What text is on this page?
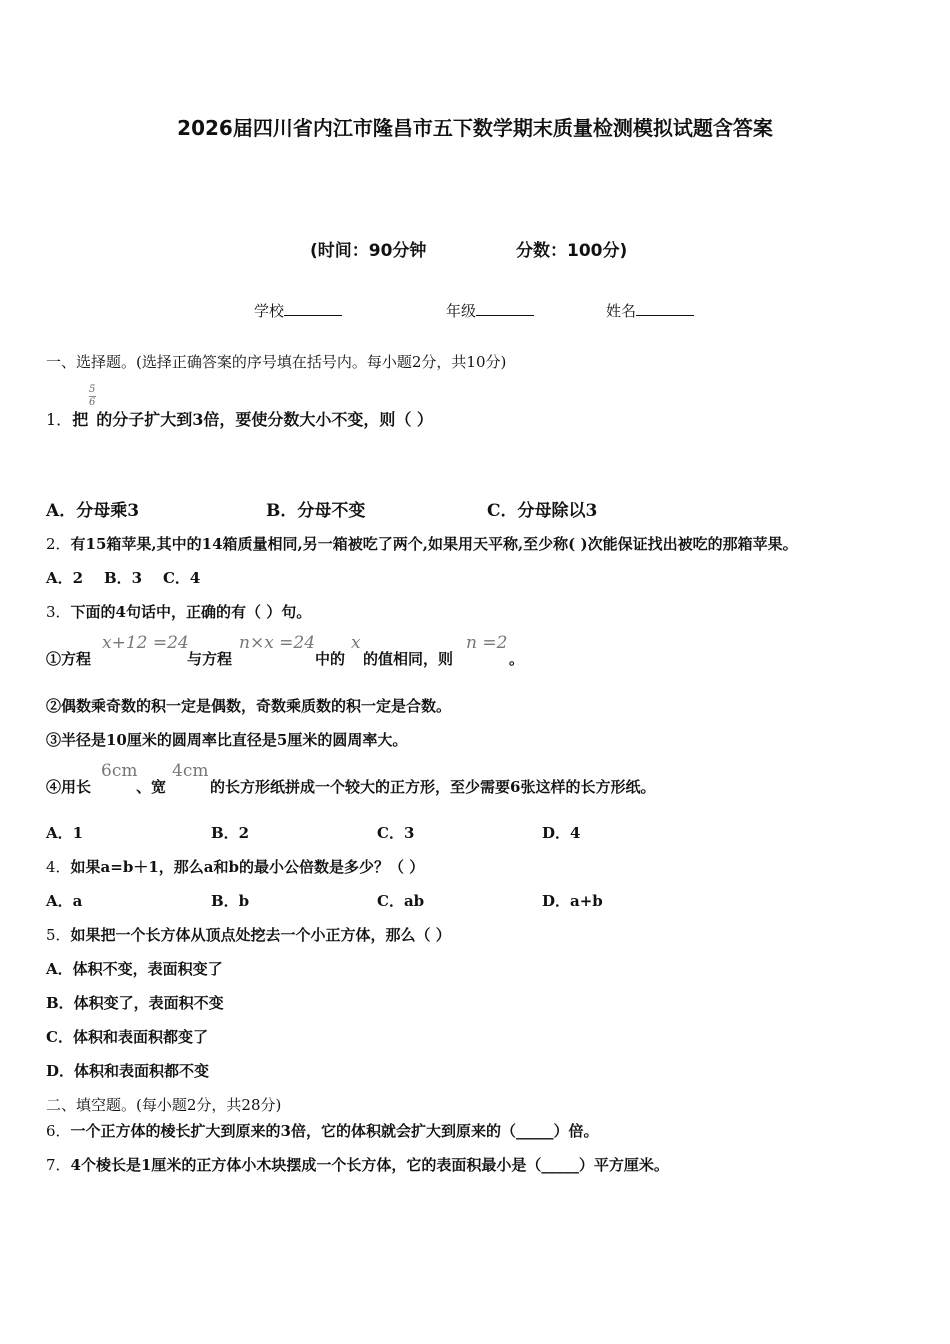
2026届四川省内江市隆昌市五下数学期末质量检测模拟试题含答案
(时间：90分钟	分数：100分)
学校	年级	姓名
一、选择题。(选择正确答案的序号填在括号内。每小题2分，共10分)
1．把 的分子扩大到3倍，要使分数大小不变，则（ ）
5
6
A．分母乘3	B．分母不变	C．分母除以3
2．有15箱苹果,其中的14箱质量相同,另一箱被吃了两个,如果用天平称,至少称( )次能保证找出被吃的那箱苹果。
A．2    B．3    C．4
3．下面的4句话中，正确的有（ ）句。
①方程
x+12 =24
与方程
n×x =24
中的
x
的值相同，则
n =2
。
②偶数乘奇数的积一定是偶数，奇数乘质数的积一定是合数。
③半径是10厘米的圆周率比直径是5厘米的圆周率大。
④用长
6cm
、宽
4cm
的长方形纸拼成一个较大的正方形，至少需要6张这样的长方形纸。
A．1	B．2	C．3	D．4
4．如果a=b＋1，那么a和b的最小公倍数是多少？（ ）
A．a	B．b	C．ab	D．a+b
5．如果把一个长方体从顶点处挖去一个小正方体，那么（ ）
A．体积不变，表面积变了
B．体积变了，表面积不变
C．体积和表面积都变了
D．体积和表面积都不变
二、填空题。(每小题2分，共28分)
6．一个正方体的棱长扩大到原来的3倍，它的体积就会扩大到原来的（_____）倍。
7．4个棱长是1厘米的正方体小木块摆成一个长方体，它的表面积最小是（_____）平方厘米。
